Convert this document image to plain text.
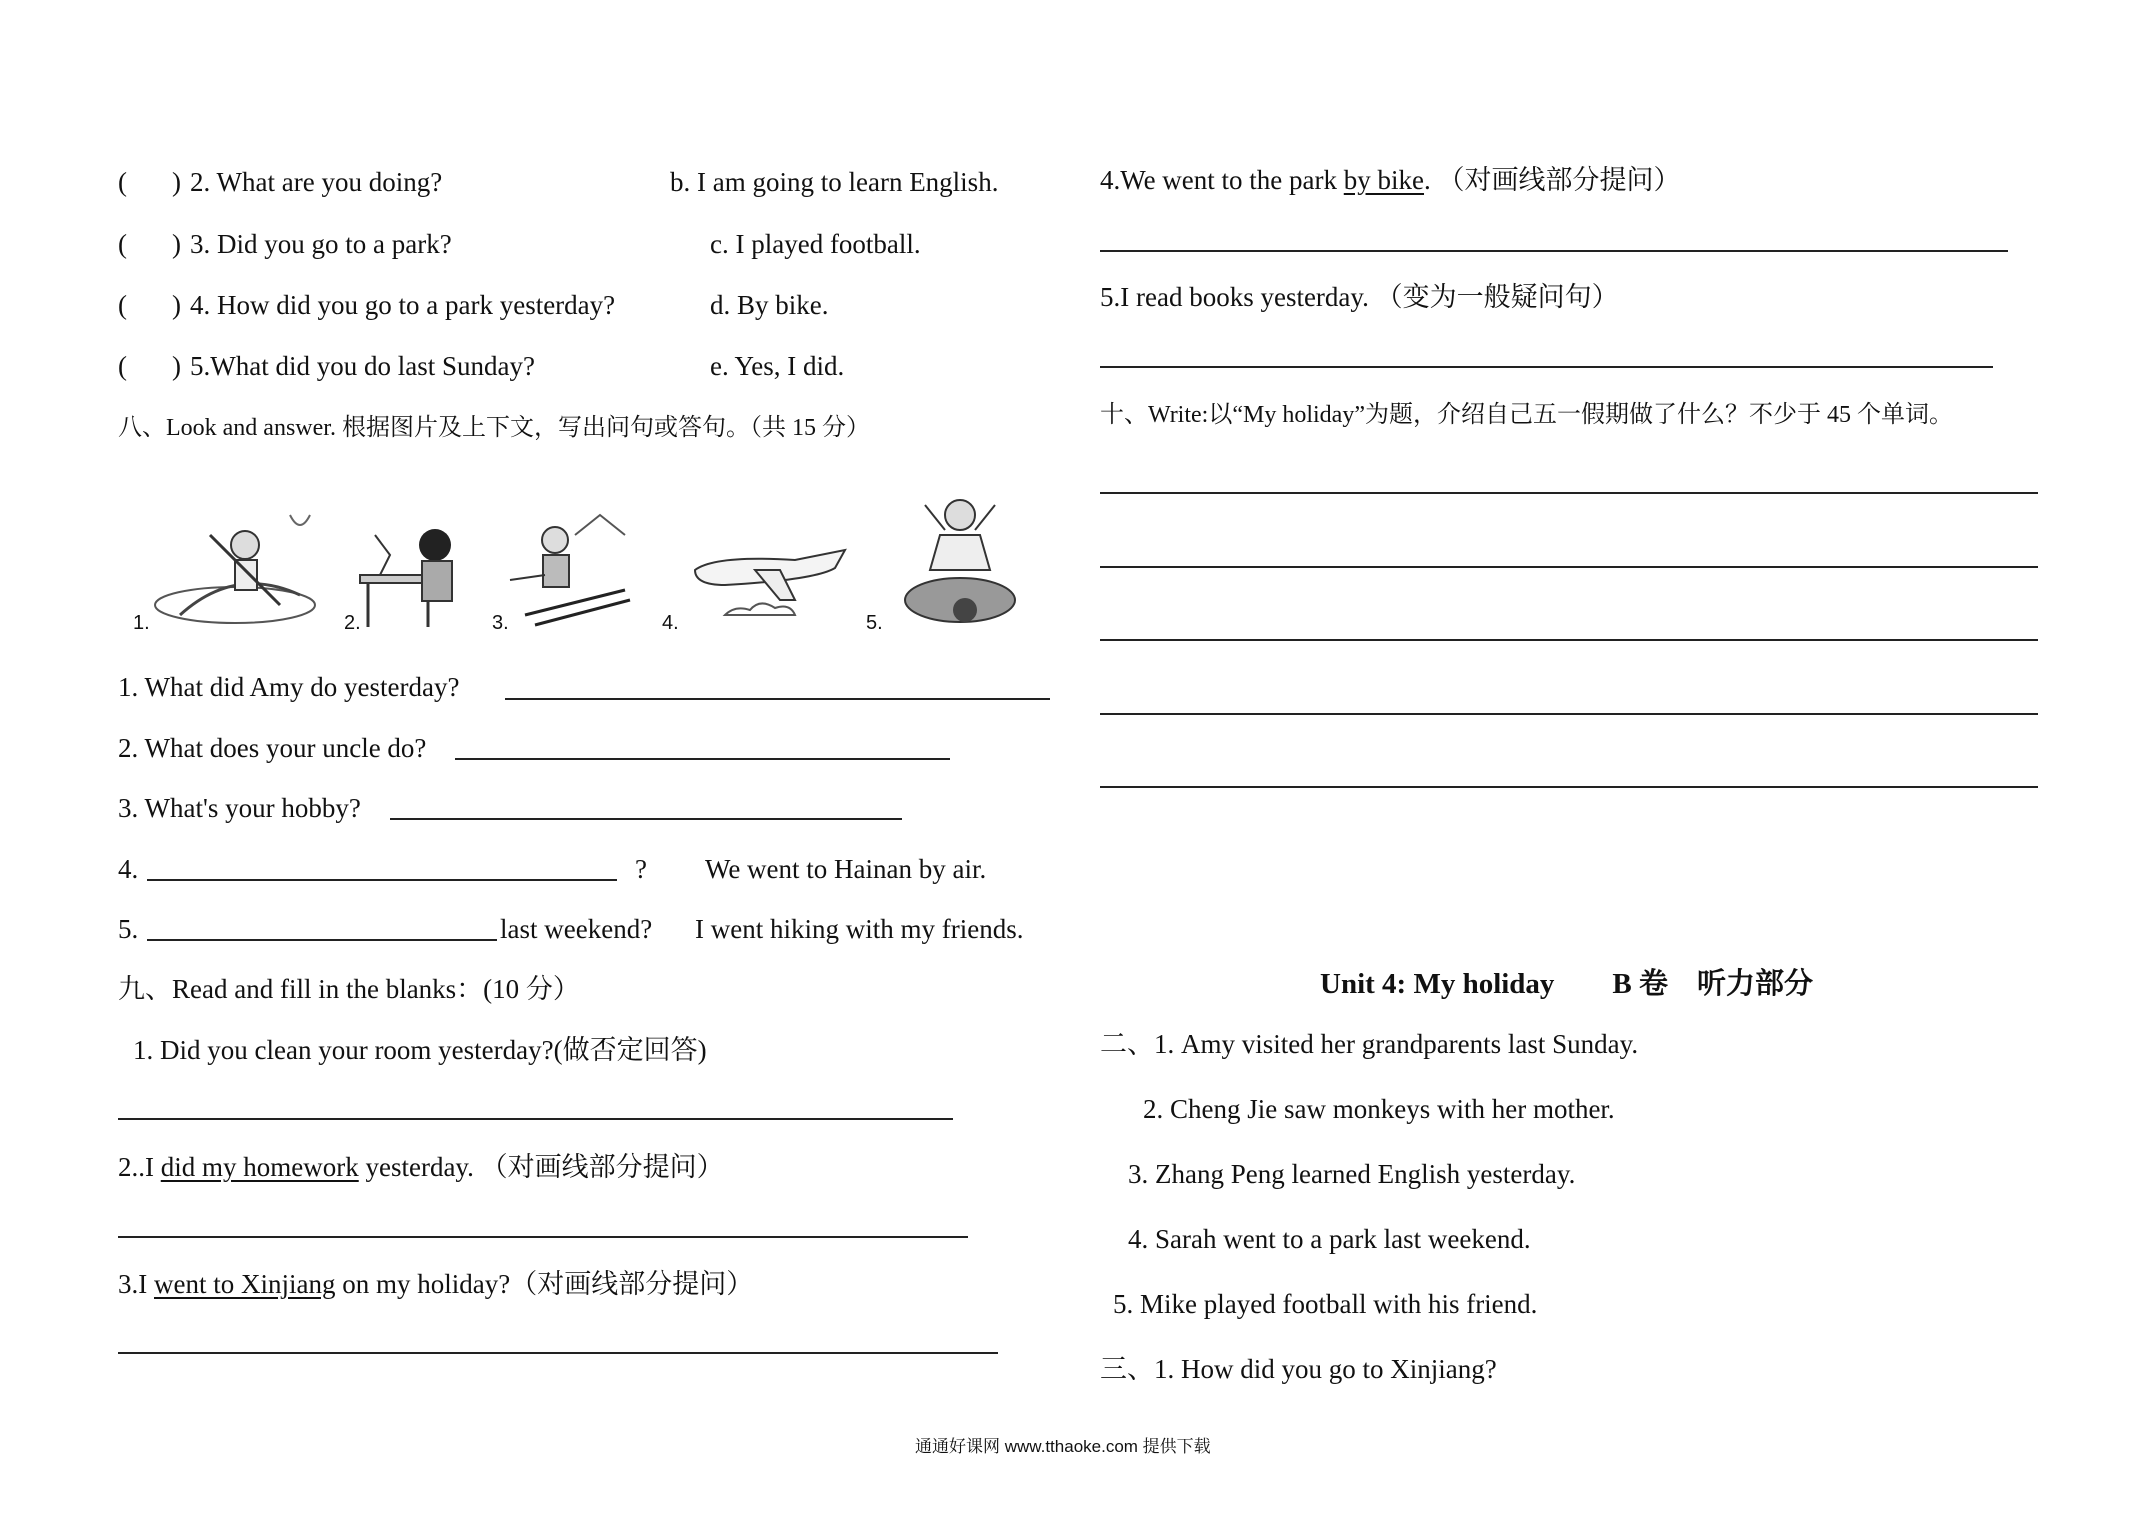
( ) 2. What are you doing?	b. I am going to learn English.
( ) 3. Did you go to a park?	c. I played football.
( ) 4. How did you go to a park yesterday?	d. By bike.
( ) 5.What did you do last Sunday?	e. Yes, I did.
八、Look and answer. 根据图片及上下文，写出问句或答句。（共 15 分）
1.	2.	3.	4.	5.
1. What did Amy do yesterday?
2. What does your uncle do?
3. What's your hobby?
4.	? We went to Hainan by air.
5.	last weekend? I went hiking with my friends.
九、Read and fill in the blanks：(10 分）
1. Did you clean your room yesterday?(做否定回答)
2..I did my homework yesterday. （对画线部分提问）
3.I went to Xinjiang on my holiday?（对画线部分提问）
4.We went to the park by bike. （对画线部分提问）
5.I read books yesterday. （变为一般疑问句）
十、Write:以“My holiday”为题，介绍自己五一假期做了什么？不少于 45 个单词。
Unit 4: My holiday　　B 卷　听力部分
二、1. Amy visited her grandparents last Sunday.
2. Cheng Jie saw monkeys with her mother.
3. Zhang Peng learned English yesterday.
4. Sarah went to a park last weekend.
5. Mike played football with his friend.
三、1. How did you go to Xinjiang?
通通好课网 www.tthaoke.com 提供下载
